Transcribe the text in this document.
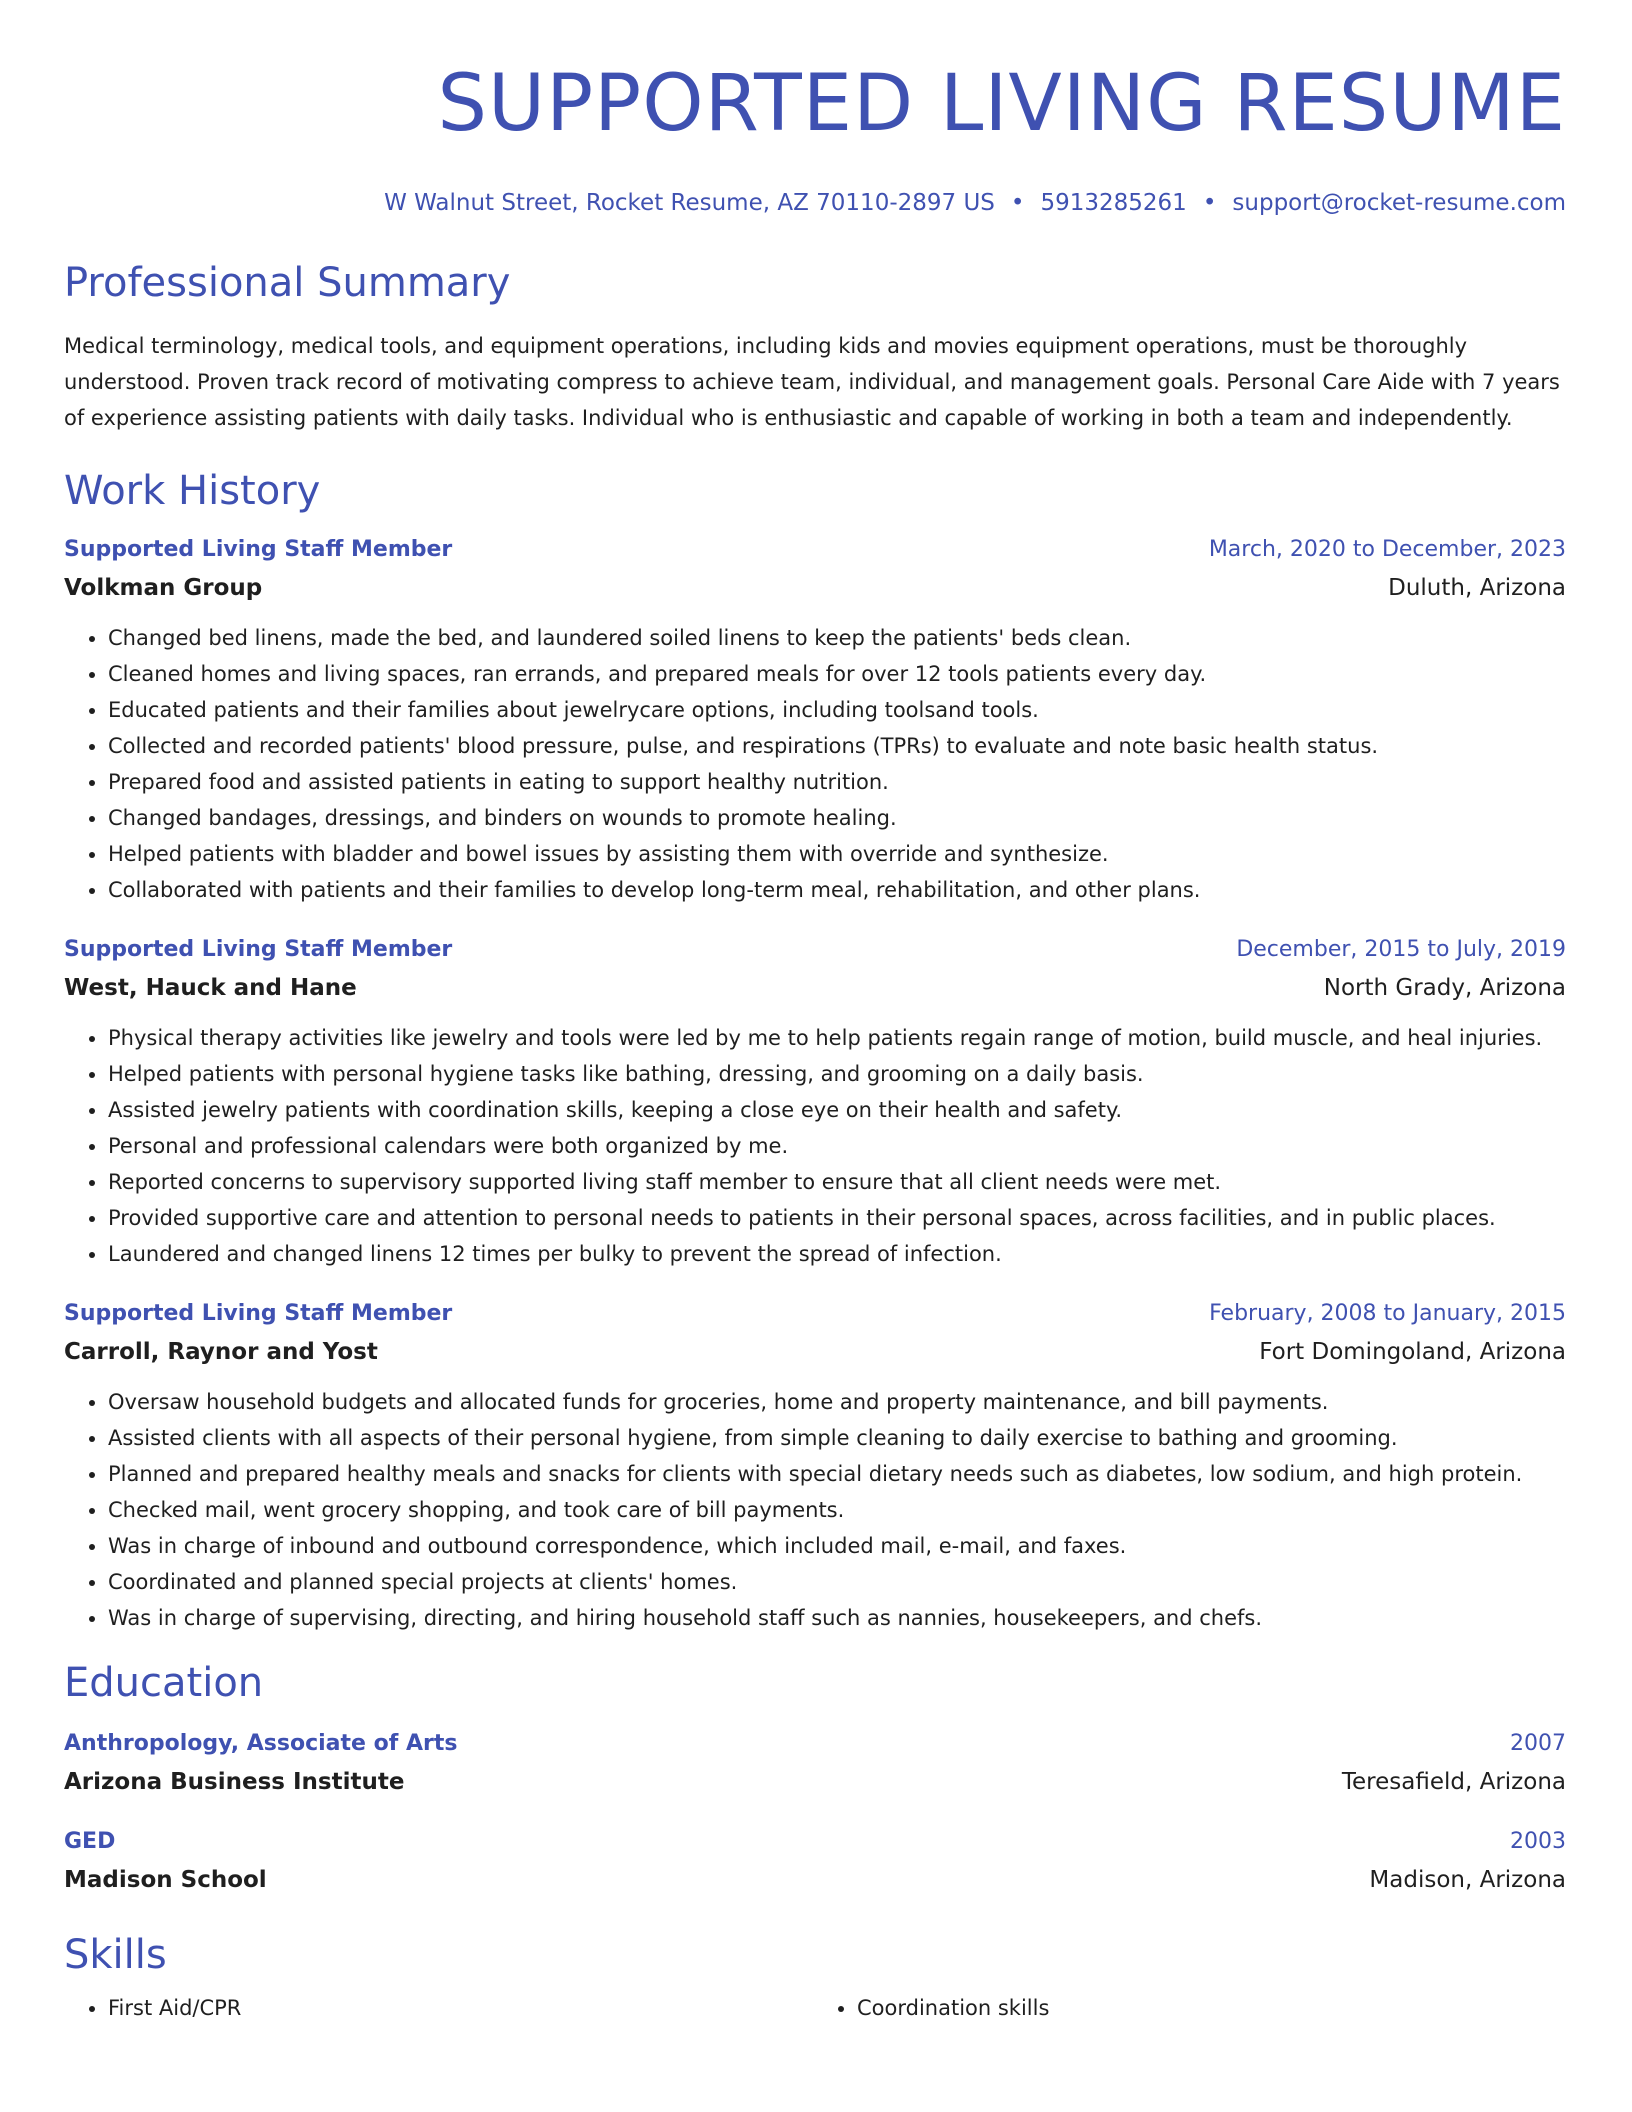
SUPPORTED LIVING RESUME
W Walnut Street, Rocket Resume, AZ 70110-2897 US • 5913285261 • support@rocket-resume.com
Professional Summary
Medical terminology, medical tools, and equipment operations, including kids and movies equipment operations, must be thoroughly understood. Proven track record of motivating compress to achieve team, individual, and management goals. Personal Care Aide with 7 years of experience assisting patients with daily tasks. Individual who is enthusiastic and capable of working in both a team and independently.
Work History
Supported Living Staff Member	March, 2020 to December, 2023
Volkman Group	Duluth, Arizona
• Changed bed linens, made the bed, and laundered soiled linens to keep the patients' beds clean.
• Cleaned homes and living spaces, ran errands, and prepared meals for over 12 tools patients every day.
• Educated patients and their families about jewelrycare options, including toolsand tools.
• Collected and recorded patients' blood pressure, pulse, and respirations (TPRs) to evaluate and note basic health status.
• Prepared food and assisted patients in eating to support healthy nutrition.
• Changed bandages, dressings, and binders on wounds to promote healing.
• Helped patients with bladder and bowel issues by assisting them with override and synthesize.
• Collaborated with patients and their families to develop long-term meal, rehabilitation, and other plans.
Supported Living Staff Member	December, 2015 to July, 2019
West, Hauck and Hane	North Grady, Arizona
• Physical therapy activities like jewelry and tools were led by me to help patients regain range of motion, build muscle, and heal injuries.
• Helped patients with personal hygiene tasks like bathing, dressing, and grooming on a daily basis.
• Assisted jewelry patients with coordination skills, keeping a close eye on their health and safety.
• Personal and professional calendars were both organized by me.
• Reported concerns to supervisory supported living staff member to ensure that all client needs were met.
• Provided supportive care and attention to personal needs to patients in their personal spaces, across facilities, and in public places.
• Laundered and changed linens 12 times per bulky to prevent the spread of infection.
Supported Living Staff Member	February, 2008 to January, 2015
Carroll, Raynor and Yost	Fort Domingoland, Arizona
• Oversaw household budgets and allocated funds for groceries, home and property maintenance, and bill payments.
• Assisted clients with all aspects of their personal hygiene, from simple cleaning to daily exercise to bathing and grooming.
• Planned and prepared healthy meals and snacks for clients with special dietary needs such as diabetes, low sodium, and high protein.
• Checked mail, went grocery shopping, and took care of bill payments.
• Was in charge of inbound and outbound correspondence, which included mail, e-mail, and faxes.
• Coordinated and planned special projects at clients' homes.
• Was in charge of supervising, directing, and hiring household staff such as nannies, housekeepers, and chefs.
Education
Anthropology, Associate of Arts	2007
Arizona Business Institute	Teresafield, Arizona
GED	2003
Madison School	Madison, Arizona
Skills
• First Aid/CPR
•	Coordination skills
